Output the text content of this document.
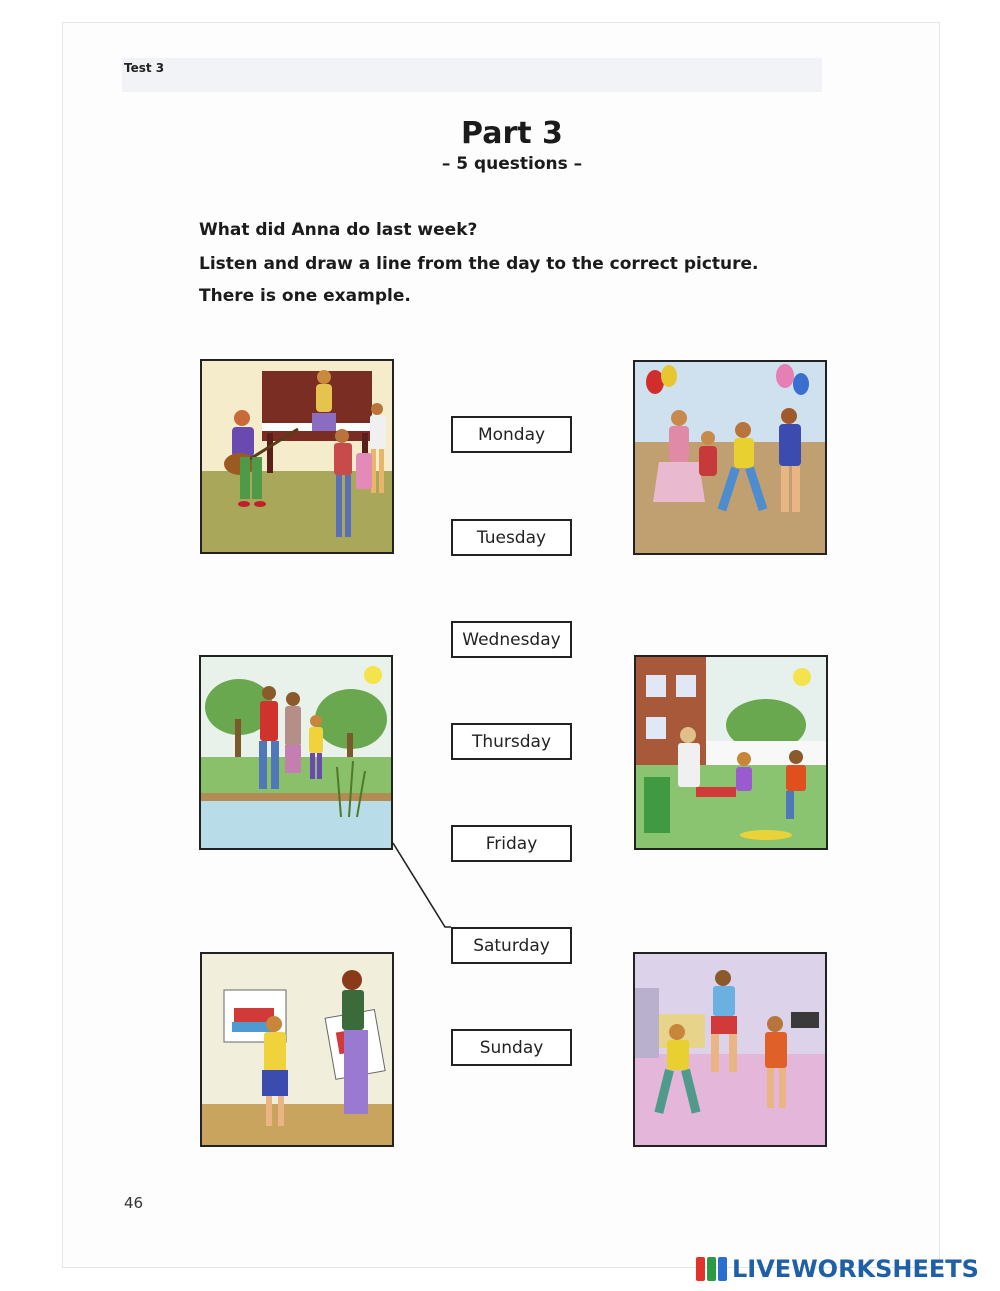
Test 3
Part 3
– 5 questions –
What did Anna do last week?
Listen and draw a line from the day to the correct picture.
There is one example.
Monday
Tuesday
Wednesday
Thursday
Friday
Saturday
Sunday
46
LIVEWORKSHEETS
